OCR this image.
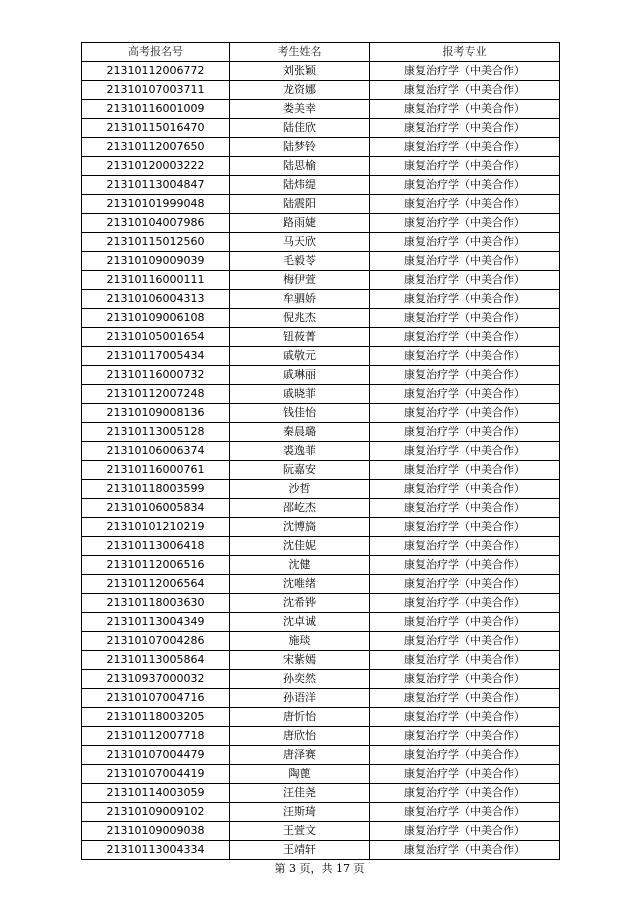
高考报名号	考生姓名	报考专业
21310112006772	刘张颖	康复治疗学（中美合作）
21310107003711	龙资娜	康复治疗学（中美合作）
21310116001009	娄美幸	康复治疗学（中美合作）
21310115016470	陆佳欣	康复治疗学（中美合作）
21310112007650	陆梦铃	康复治疗学（中美合作）
21310120003222	陆思榆	康复治疗学（中美合作）
21310113004847	陆炜缇	康复治疗学（中美合作）
21310101999048	陆震阳	康复治疗学（中美合作）
21310104007986	路雨婕	康复治疗学（中美合作）
21310115012560	马天欣	康复治疗学（中美合作）
21310109009039	毛毅苓	康复治疗学（中美合作）
21310116000111	梅伊萱	康复治疗学（中美合作）
21310106004313	牟驷娇	康复治疗学（中美合作）
21310109006108	倪兆杰	康复治疗学（中美合作）
21310105001654	钮莜菁	康复治疗学（中美合作）
21310117005434	戚敬元	康复治疗学（中美合作）
21310116000732	戚琳丽	康复治疗学（中美合作）
21310112007248	戚晓菲	康复治疗学（中美合作）
21310109008136	钱佳怡	康复治疗学（中美合作）
21310113005128	秦晨璐	康复治疗学（中美合作）
21310106006374	裘逸菲	康复治疗学（中美合作）
21310116000761	阮嘉安	康复治疗学（中美合作）
21310118003599	沙哲	康复治疗学（中美合作）
21310106005834	邵屹杰	康复治疗学（中美合作）
21310101210219	沈博旖	康复治疗学（中美合作）
21310113006418	沈佳妮	康复治疗学（中美合作）
21310112006516	沈健	康复治疗学（中美合作）
21310112006564	沈唯绪	康复治疗学（中美合作）
21310118003630	沈希铧	康复治疗学（中美合作）
21310113004349	沈卓诚	康复治疗学（中美合作）
21310107004286	施琰	康复治疗学（中美合作）
21310113005864	宋紫嫣	康复治疗学（中美合作）
21310937000032	孙奕然	康复治疗学（中美合作）
21310107004716	孙语洋	康复治疗学（中美合作）
21310118003205	唐忻怡	康复治疗学（中美合作）
21310112007718	唐欣怡	康复治疗学（中美合作）
21310107004479	唐泽赛	康复治疗学（中美合作）
21310107004419	陶蓖	康复治疗学（中美合作）
21310114003059	汪佳尧	康复治疗学（中美合作）
21310109009102	汪斯琦	康复治疗学（中美合作）
21310109009038	王萱文	康复治疗学（中美合作）
21310113004334	王靖轩	康复治疗学（中美合作）
第 3 页，共 17 页
